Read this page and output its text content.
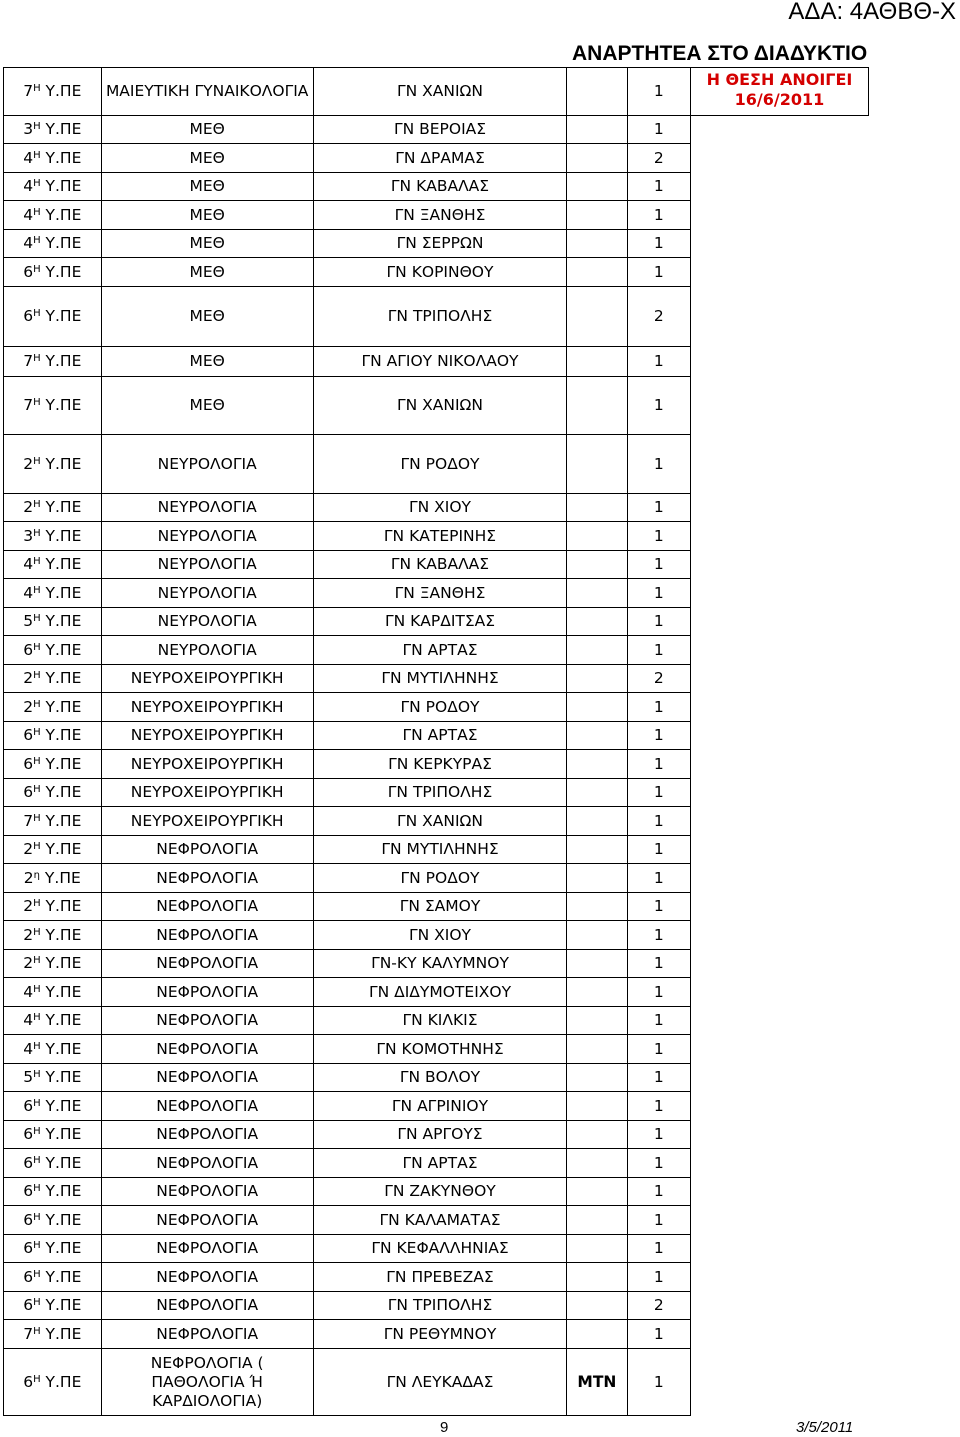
ΑΔΑ: 4ΑΘΒΘ-Χ
ΑΝΑΡΤΗΤΕΑ ΣΤΟ ΔΙΑΔΥΚΤΙΟ
$7^H$ Υ.ΠΕ	ΜΑΙΕΥΤΙΚΗ ΓΥΝΑΙΚΟΛΟΓΙΑ	ΓΝ ΧΑΝΙΩΝ		1	Η ΘΕΣΗ ΑΝΟΙΓΕΙ
16/6/2011

$3^H$ Υ.ΠΕ	ΜΕΘ	ΓΝ ΒΕΡΟΙΑΣ		1	
$4^H$ Υ.ΠΕ	ΜΕΘ	ΓΝ ΔΡΑΜΑΣ		2	
$4^H$ Υ.ΠΕ	ΜΕΘ	ΓΝ ΚΑΒΑΛΑΣ		1	
$4^H$ Υ.ΠΕ	ΜΕΘ	ΓΝ ΞΑΝΘΗΣ		1	
$4^H$ Υ.ΠΕ	ΜΕΘ	ΓΝ ΣΕΡΡΩΝ		1	
$6^H$ Υ.ΠΕ	ΜΕΘ	ΓΝ ΚΟΡΙΝΘΟΥ		1	
$6^H$ Υ.ΠΕ	ΜΕΘ	ΓΝ ΤΡΙΠΟΛΗΣ		2	
$7^H$ Υ.ΠΕ	ΜΕΘ	ΓΝ ΑΓΙΟΥ ΝΙΚΟΛΑΟΥ		1	
$7^H$ Υ.ΠΕ	ΜΕΘ	ΓΝ ΧΑΝΙΩΝ		1	
$2^H$ Υ.ΠΕ	ΝΕΥΡΟΛΟΓΙΑ	ΓΝ ΡΟΔΟΥ		1	
$2^H$ Υ.ΠΕ	ΝΕΥΡΟΛΟΓΙΑ	ΓΝ ΧΙΟΥ		1	
$3^H$ Υ.ΠΕ	ΝΕΥΡΟΛΟΓΙΑ	ΓΝ ΚΑΤΕΡΙΝΗΣ		1	
$4^H$ Υ.ΠΕ	ΝΕΥΡΟΛΟΓΙΑ	ΓΝ ΚΑΒΑΛΑΣ		1	
$4^H$ Υ.ΠΕ	ΝΕΥΡΟΛΟΓΙΑ	ΓΝ ΞΑΝΘΗΣ		1	
$5^H$ Υ.ΠΕ	ΝΕΥΡΟΛΟΓΙΑ	ΓΝ ΚΑΡΔΙΤΣΑΣ		1	
$6^H$ Υ.ΠΕ	ΝΕΥΡΟΛΟΓΙΑ	ΓΝ ΑΡΤΑΣ		1	
$2^H$ Υ.ΠΕ	ΝΕΥΡΟΧΕΙΡΟΥΡΓΙΚΗ	ΓΝ ΜΥΤΙΛΗΝΗΣ		2	
$2^H$ Υ.ΠΕ	ΝΕΥΡΟΧΕΙΡΟΥΡΓΙΚΗ	ΓΝ ΡΟΔΟΥ		1	
$6^H$ Υ.ΠΕ	ΝΕΥΡΟΧΕΙΡΟΥΡΓΙΚΗ	ΓΝ ΑΡΤΑΣ		1	
$6^H$ Υ.ΠΕ	ΝΕΥΡΟΧΕΙΡΟΥΡΓΙΚΗ	ΓΝ ΚΕΡΚΥΡΑΣ		1	
$6^H$ Υ.ΠΕ	ΝΕΥΡΟΧΕΙΡΟΥΡΓΙΚΗ	ΓΝ ΤΡΙΠΟΛΗΣ		1	
$7^H$ Υ.ΠΕ	ΝΕΥΡΟΧΕΙΡΟΥΡΓΙΚΗ	ΓΝ ΧΑΝΙΩΝ		1	
$2^H$ Υ.ΠΕ	ΝΕΦΡΟΛΟΓΙΑ	ΓΝ ΜΥΤΙΛΗΝΗΣ		1	
$2^\eta$ Υ.ΠΕ	ΝΕΦΡΟΛΟΓΙΑ	ΓΝ ΡΟΔΟΥ		1	
$2^H$ Υ.ΠΕ	ΝΕΦΡΟΛΟΓΙΑ	ΓΝ ΣΑΜΟΥ		1	
$2^H$ Υ.ΠΕ	ΝΕΦΡΟΛΟΓΙΑ	ΓΝ ΧΙΟΥ		1	
$2^H$ Υ.ΠΕ	ΝΕΦΡΟΛΟΓΙΑ	ΓΝ-ΚΥ ΚΑΛΥΜΝΟΥ		1	
$4^H$ Υ.ΠΕ	ΝΕΦΡΟΛΟΓΙΑ	ΓΝ ΔΙΔΥΜΟΤΕΙΧΟΥ		1	
$4^H$ Υ.ΠΕ	ΝΕΦΡΟΛΟΓΙΑ	ΓΝ ΚΙΛΚΙΣ		1	
$4^H$ Υ.ΠΕ	ΝΕΦΡΟΛΟΓΙΑ	ΓΝ ΚΟΜΟΤΗΝΗΣ		1	
$5^H$ Υ.ΠΕ	ΝΕΦΡΟΛΟΓΙΑ	ΓΝ ΒΟΛΟΥ		1	
$6^H$ Υ.ΠΕ	ΝΕΦΡΟΛΟΓΙΑ	ΓΝ ΑΓΡΙΝΙΟΥ		1	
$6^H$ Υ.ΠΕ	ΝΕΦΡΟΛΟΓΙΑ	ΓΝ ΑΡΓΟΥΣ		1	
$6^H$ Υ.ΠΕ	ΝΕΦΡΟΛΟΓΙΑ	ΓΝ ΑΡΤΑΣ		1	
$6^H$ Υ.ΠΕ	ΝΕΦΡΟΛΟΓΙΑ	ΓΝ ΖΑΚΥΝΘΟΥ		1	
$6^H$ Υ.ΠΕ	ΝΕΦΡΟΛΟΓΙΑ	ΓΝ ΚΑΛΑΜΑΤΑΣ		1	
$6^H$ Υ.ΠΕ	ΝΕΦΡΟΛΟΓΙΑ	ΓΝ ΚΕΦΑΛΛΗΝΙΑΣ		1	
$6^H$ Υ.ΠΕ	ΝΕΦΡΟΛΟΓΙΑ	ΓΝ ΠΡΕΒΕΖΑΣ		1	
$6^H$ Υ.ΠΕ	ΝΕΦΡΟΛΟΓΙΑ	ΓΝ ΤΡΙΠΟΛΗΣ		2	
$7^H$ Υ.ΠΕ	ΝΕΦΡΟΛΟΓΙΑ	ΓΝ ΡΕΘΥΜΝΟΥ		1	
$6^H$ Υ.ΠΕ	ΝΕΦΡΟΛΟΓΙΑ ( ΠΑΘΟΛΟΓΙΑ Ή ΚΑΡΔΙΟΛΟΓΙΑ)	ΓΝ ΛΕΥΚΑΔΑΣ	ΜΤΝ	1	
9	3/5/2011
